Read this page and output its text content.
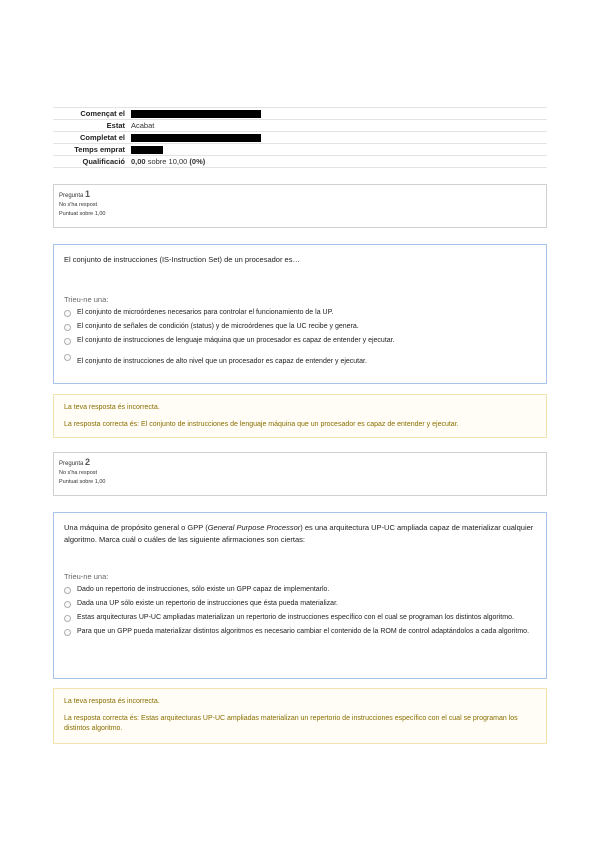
Començat el
Estat Acabat
Completat el
Temps emprat
Qualificació 0,00
sobre 10,00
(0%)
Pregunta 1
No s'ha respost
Puntuat sobre 1,00
El conjunto de instrucciones (IS-Instruction Set) de un procesador es…
Trieu-ne una:
El conjunto de microórdenes necesarios para controlar el funcionamiento de la UP.
El conjunto de señales de condición (status) y de microórdenes que la UC recibe y genera.
El conjunto de instrucciones de lenguaje máquina que un procesador es capaz de entender y ejecutar.
El conjunto de instrucciones de alto nivel que un procesador es capaz de entender y ejecutar.
La teva resposta és incorrecta.
La resposta correcta és: El conjunto de instrucciones de lenguaje máquina que un procesador es capaz de entender y ejecutar.
Pregunta 2
No s'ha respost
Puntuat sobre 1,00
Una máquina de propósito general o GPP (General Purpose Processor) es una arquitectura UP-UC ampliada capaz de materializar cualquier algoritmo. Marca cuál o cuáles de las siguiente afirmaciones son ciertas:
Trieu-ne una:
Dado un repertorio de instrucciones, sólo existe un GPP capaz de implementarlo.
Dada una UP sólo existe un repertorio de instrucciones que ésta pueda materializar.
Estas arquitecturas UP-UC ampliadas materializan un repertorio de instrucciones específico con el cual se programan los distintos algoritmo.
Para que un GPP pueda materializar distintos algoritmos es necesario cambiar el contenido de la ROM de control adaptándolos a cada algoritmo.
La teva resposta és incorrecta.
La resposta correcta és: Estas arquitecturas UP-UC ampliadas materializan un repertorio de instrucciones específico con el cual se programan los distintos algoritmo.
